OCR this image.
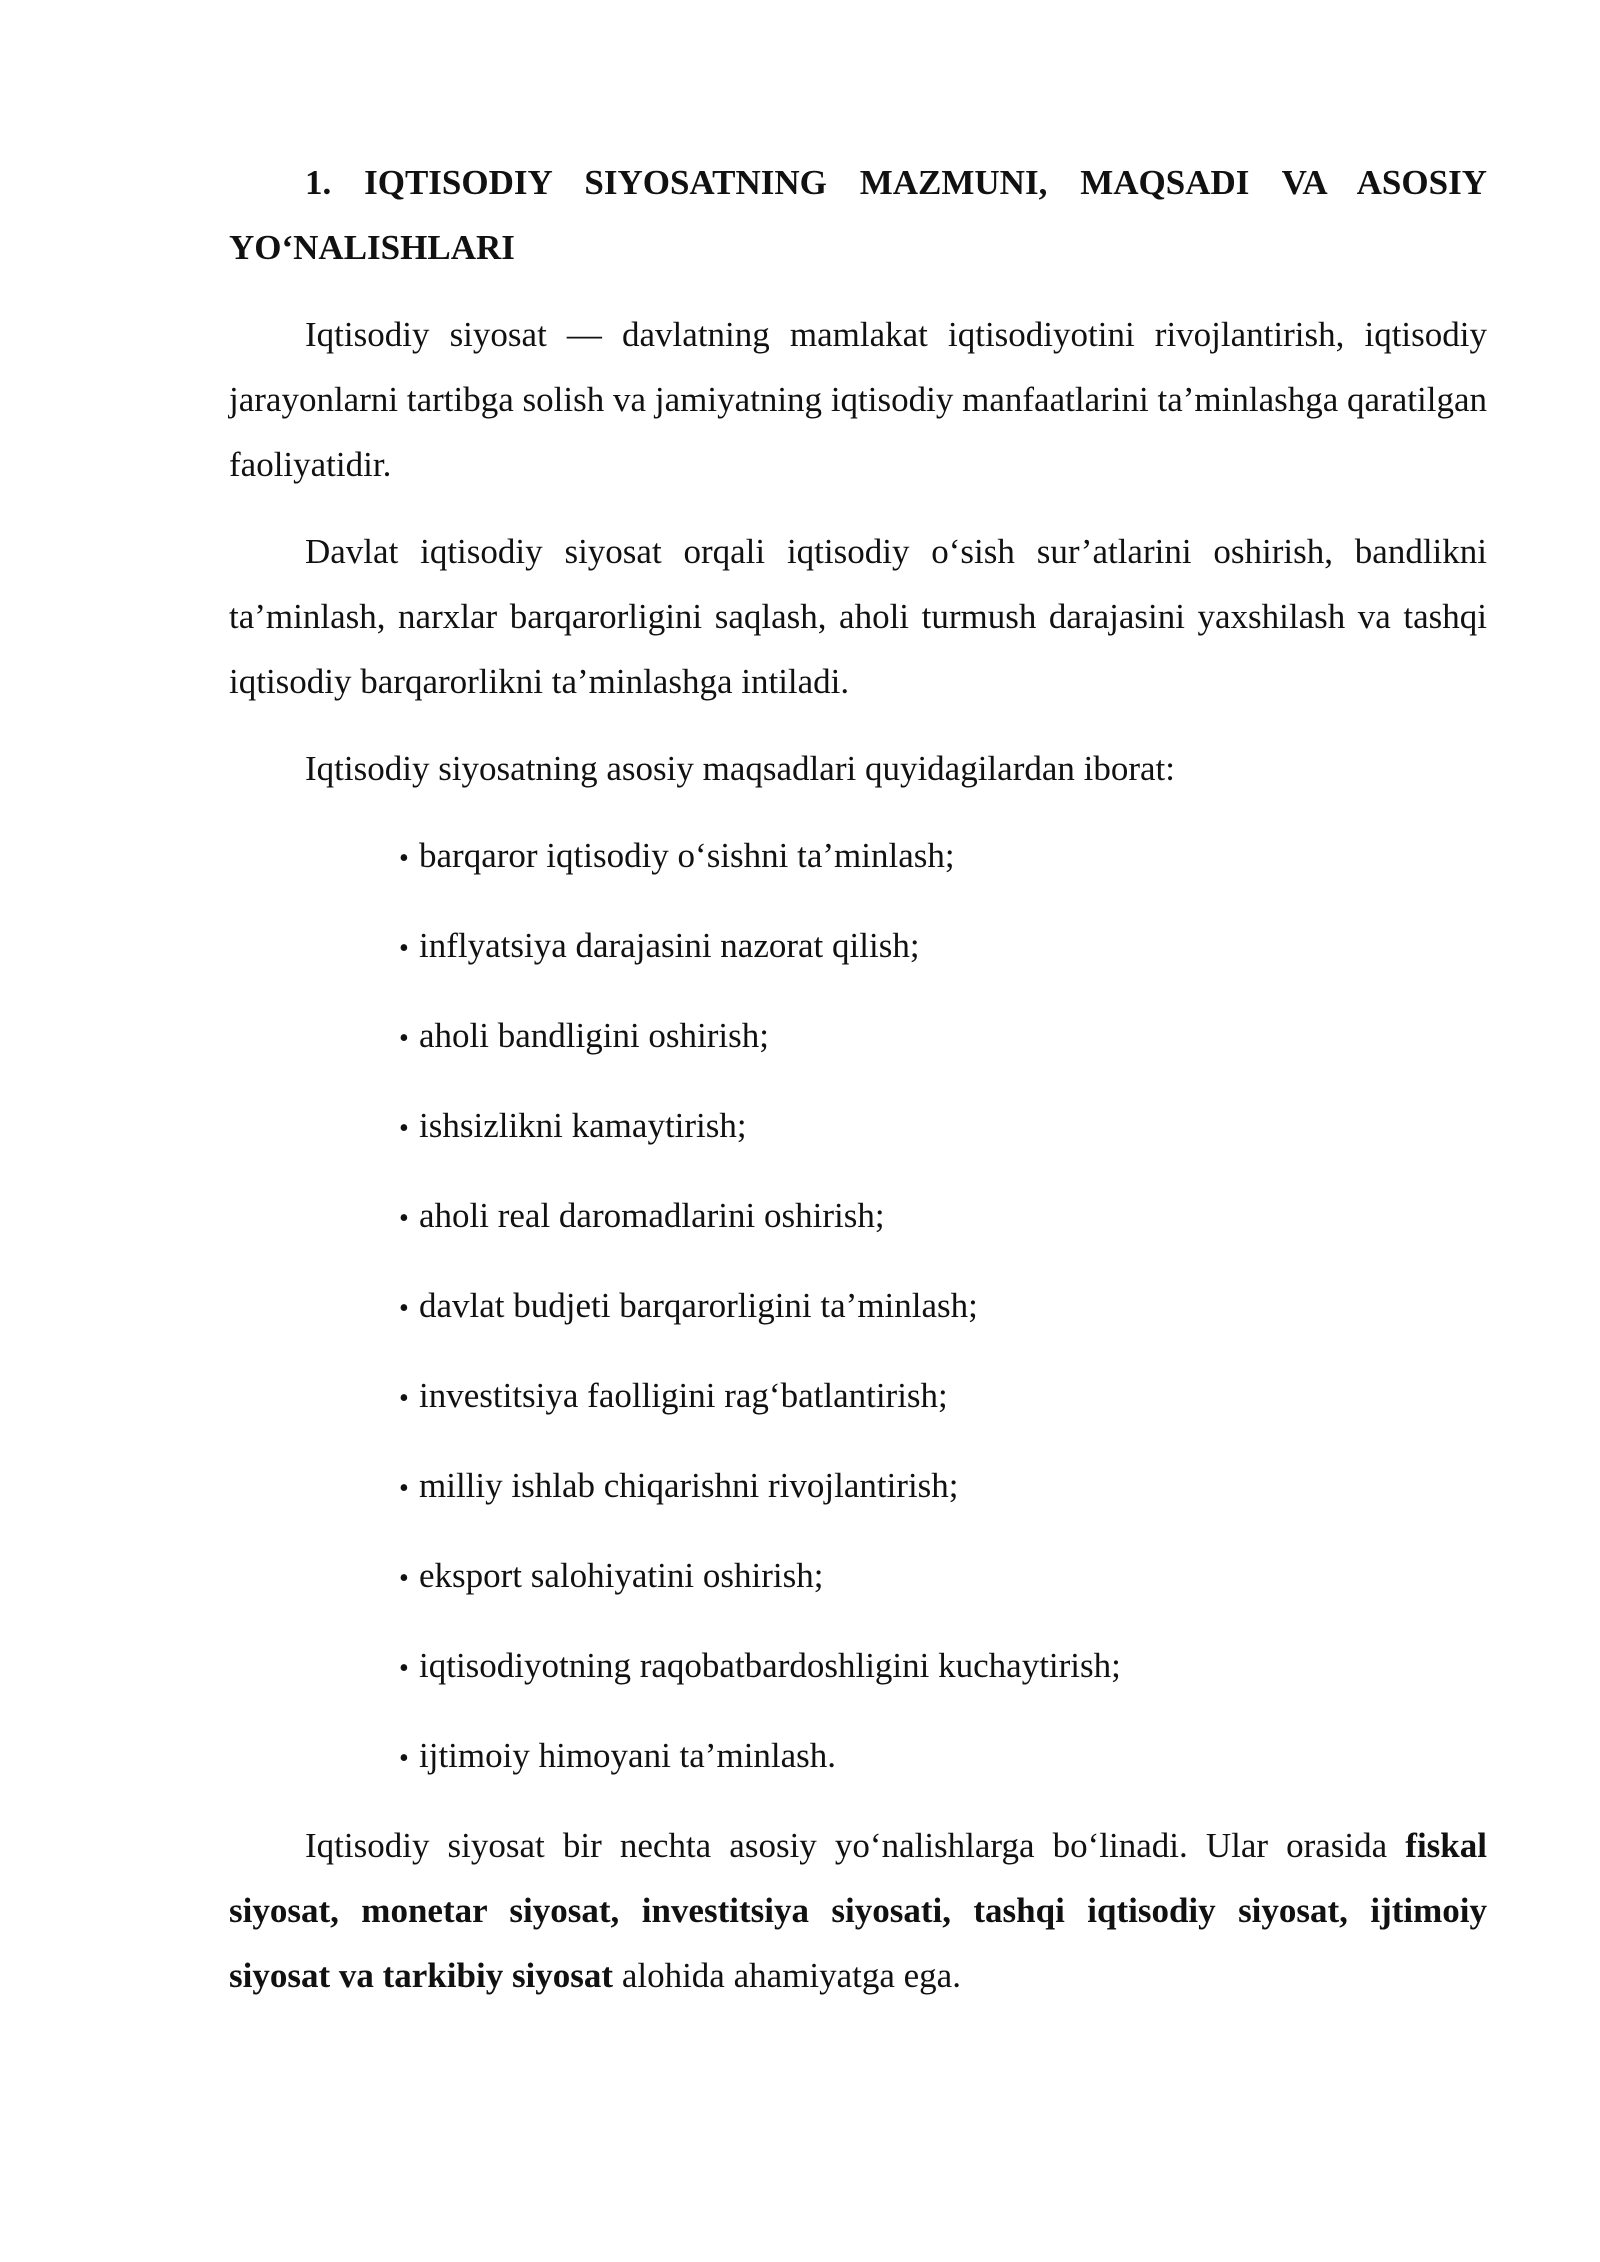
1. IQTISODIY SIYOSATNING MAZMUNI, MAQSADI VA ASOSIY YO‘NALISHLARI

Iqtisodiy siyosat — davlatning mamlakat iqtisodiyotini rivojlantirish, iqtisodiy jarayonlarni tartibga solish va jamiyatning iqtisodiy manfaatlarini ta’minlashga qaratilgan faoliyatidir.

Davlat iqtisodiy siyosat orqali iqtisodiy o‘sish sur’atlarini oshirish, bandlikni ta’minlash, narxlar barqarorligini saqlash, aholi turmush darajasini yaxshilash va tashqi iqtisodiy barqarorlikni ta’minlashga intiladi.

Iqtisodiy siyosatning asosiy maqsadlari quyidagilardan iborat:

• barqaror iqtisodiy o‘sishni ta’minlash;
• inflyatsiya darajasini nazorat qilish;
• aholi bandligini oshirish;
• ishsizlikni kamaytirish;
• aholi real daromadlarini oshirish;
• davlat budjeti barqarorligini ta’minlash;
• investitsiya faolligini rag‘batlantirish;
• milliy ishlab chiqarishni rivojlantirish;
• eksport salohiyatini oshirish;
• iqtisodiyotning raqobatbardoshligini kuchaytirish;
• ijtimoiy himoyani ta’minlash.

Iqtisodiy siyosat bir nechta asosiy yo‘nalishlarga bo‘linadi. Ular orasida fiskal siyosat, monetar siyosat, investitsiya siyosati, tashqi iqtisodiy siyosat, ijtimoiy siyosat va tarkibiy siyosat alohida ahamiyatga ega.
